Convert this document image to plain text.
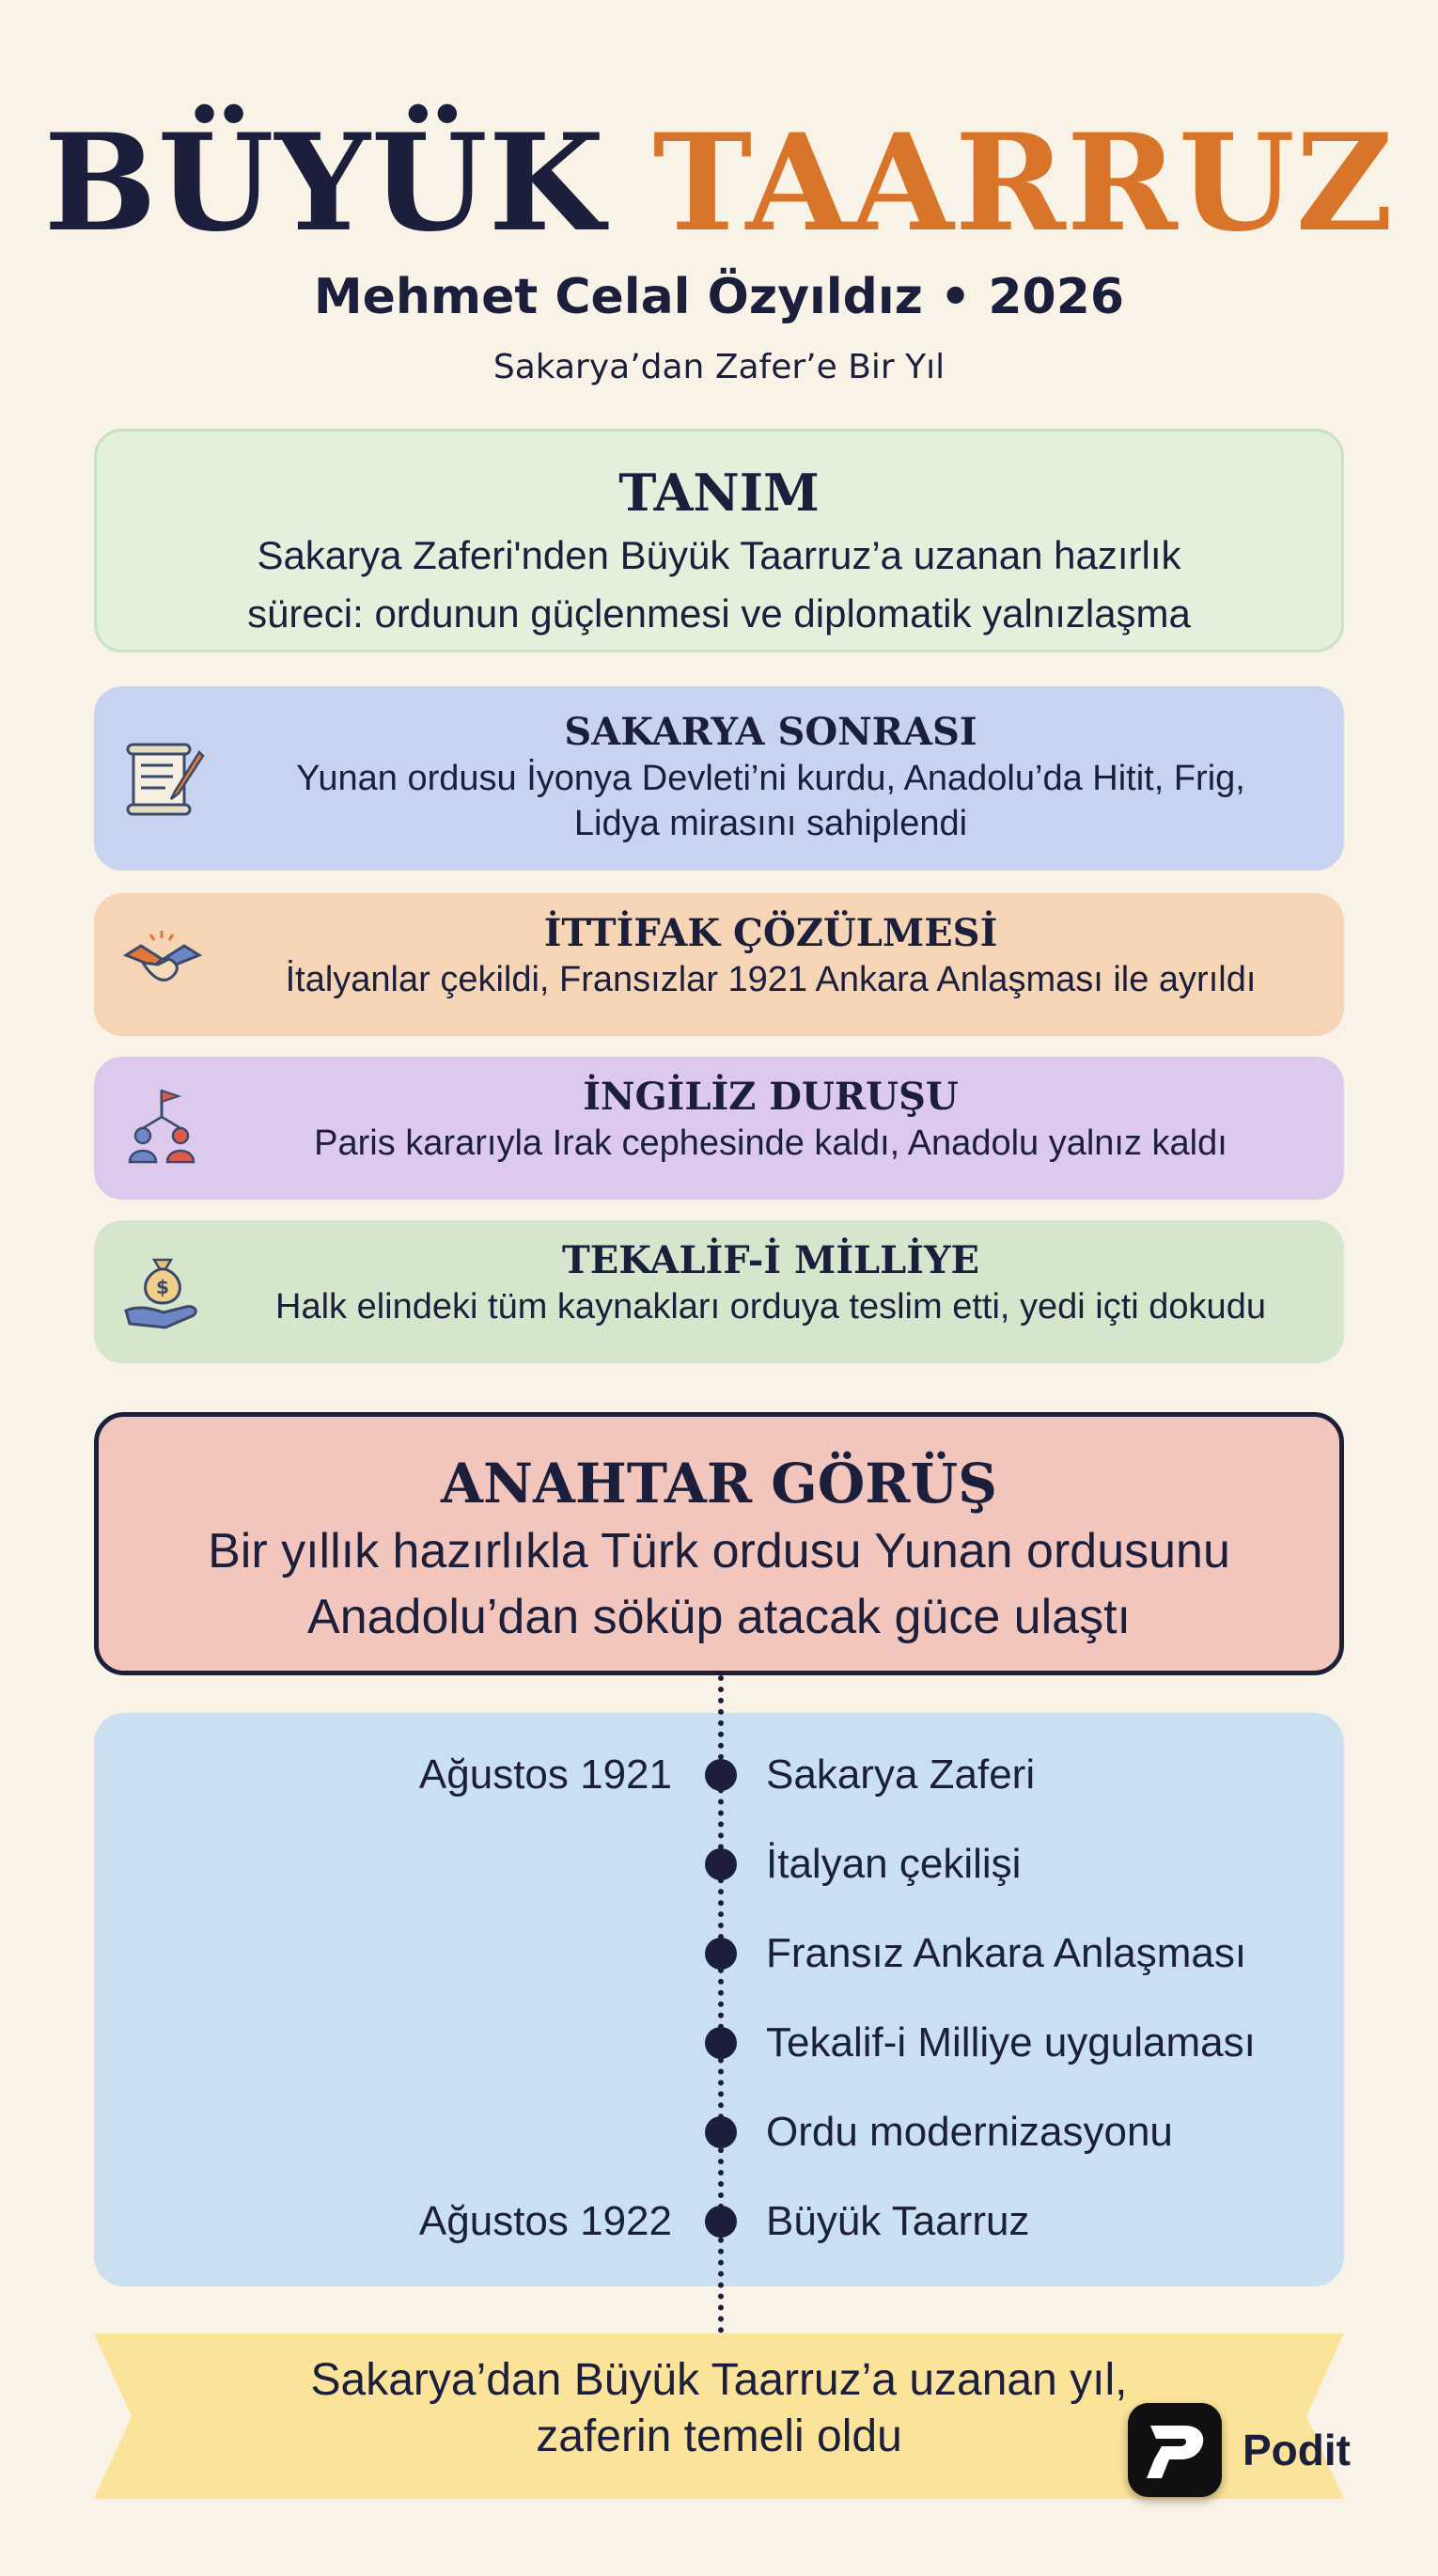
BÜYÜK TAARRUZ
Mehmet Celal Özyıldız • 2026
Sakarya’dan Zafer’e Bir Yıl
TANIM

Sakarya Zaferi'nden Büyük Taarruz’a uzanan hazırlık

süreci: ordunun güçlenmesi ve diplomatik yalnızlaşma

SAKARYA SONRASI

Yunan ordusu İyonya Devleti’ni kurdu, Anadolu’da Hitit, Frig,

Lidya mirasını sahiplendi

İTTİFAK ÇÖZÜLMESİ

İtalyanlar çekildi, Fransızlar 1921 Ankara Anlaşması ile ayrıldı

İNGİLİZ DURUŞU

Paris kararıyla Irak cephesinde kaldı, Anadolu yalnız kaldı

$
TEKALİF-İ MİLLİYE

Halk elindeki tüm kaynakları orduya teslim etti, yedi içti dokudu

ANAHTAR GÖRÜŞ

Bir yıllık hazırlıkla Türk ordusu Yunan ordusunu

Anadolu’dan söküp atacak güce ulaştı

Ağustos 1921 Sakarya Zaferi
İtalyan çekilişi
Fransız Ankara Anlaşması
Tekalif-i Milliye uygulaması
Ordu modernizasyonu
Ağustos 1922 Büyük Taarruz
Sakarya’dan Büyük Taarruz’a uzanan yıl,
zaferin temeli oldu	Podit
